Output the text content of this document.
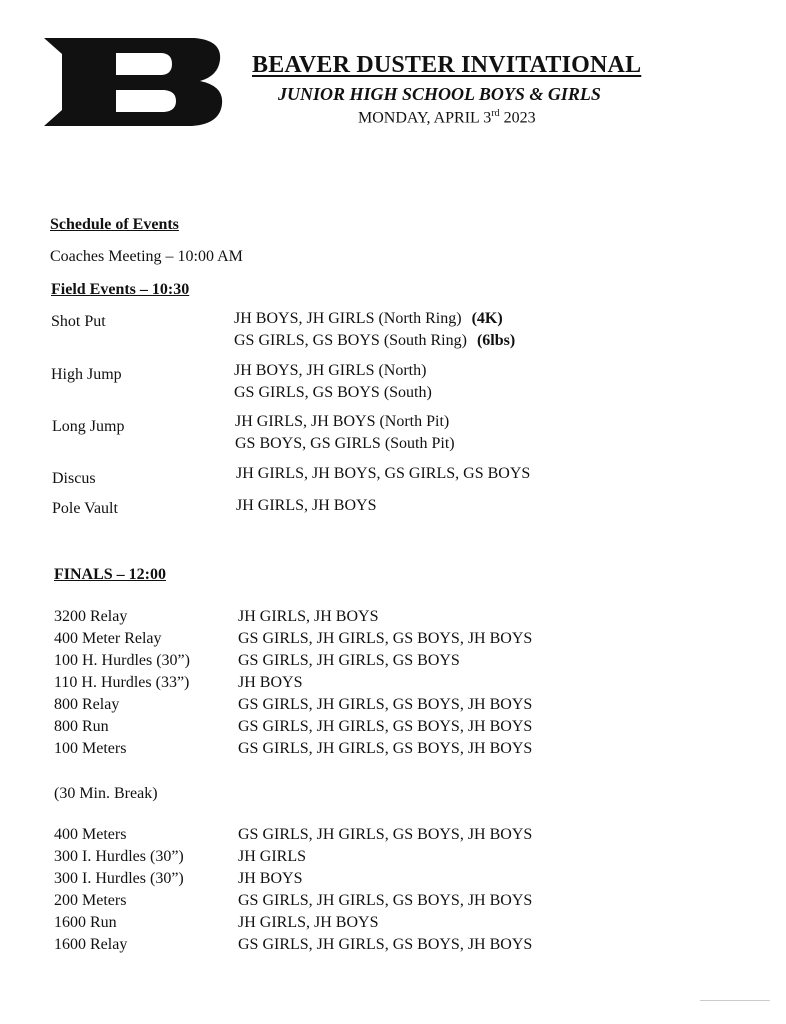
BEAVER DUSTER INVITATIONAL
JUNIOR HIGH SCHOOL BOYS & GIRLS
MONDAY, APRIL 3rd 2023
Schedule of Events
Coaches Meeting – 10:00 AM
Field Events – 10:30
Shot Put	JH BOYS, JH GIRLS (North Ring) (4K)
GS GIRLS, GS BOYS (South Ring) (6lbs)
High Jump	JH BOYS, JH GIRLS (North)
GS GIRLS, GS BOYS (South)
Long Jump	JH GIRLS, JH BOYS (North Pit)
GS BOYS, GS GIRLS (South Pit)
Discus	JH GIRLS, JH BOYS, GS GIRLS, GS BOYS
Pole Vault	JH GIRLS, JH BOYS
FINALS – 12:00
3200 Relay	JH GIRLS, JH BOYS
400 Meter Relay	GS GIRLS, JH GIRLS, GS BOYS, JH BOYS
100 H. Hurdles (30”)	GS GIRLS, JH GIRLS, GS BOYS
110 H. Hurdles (33”)	JH BOYS
800 Relay	GS GIRLS, JH GIRLS, GS BOYS, JH BOYS
800 Run	GS GIRLS, JH GIRLS, GS BOYS, JH BOYS
100 Meters	GS GIRLS, JH GIRLS, GS BOYS, JH BOYS
(30 Min. Break)
400 Meters	GS GIRLS, JH GIRLS, GS BOYS, JH BOYS
300 I. Hurdles (30”)	JH GIRLS
300 I. Hurdles (30”)	JH BOYS
200 Meters	GS GIRLS, JH GIRLS, GS BOYS, JH BOYS
1600 Run	JH GIRLS, JH BOYS
1600 Relay	GS GIRLS, JH GIRLS, GS BOYS, JH BOYS
